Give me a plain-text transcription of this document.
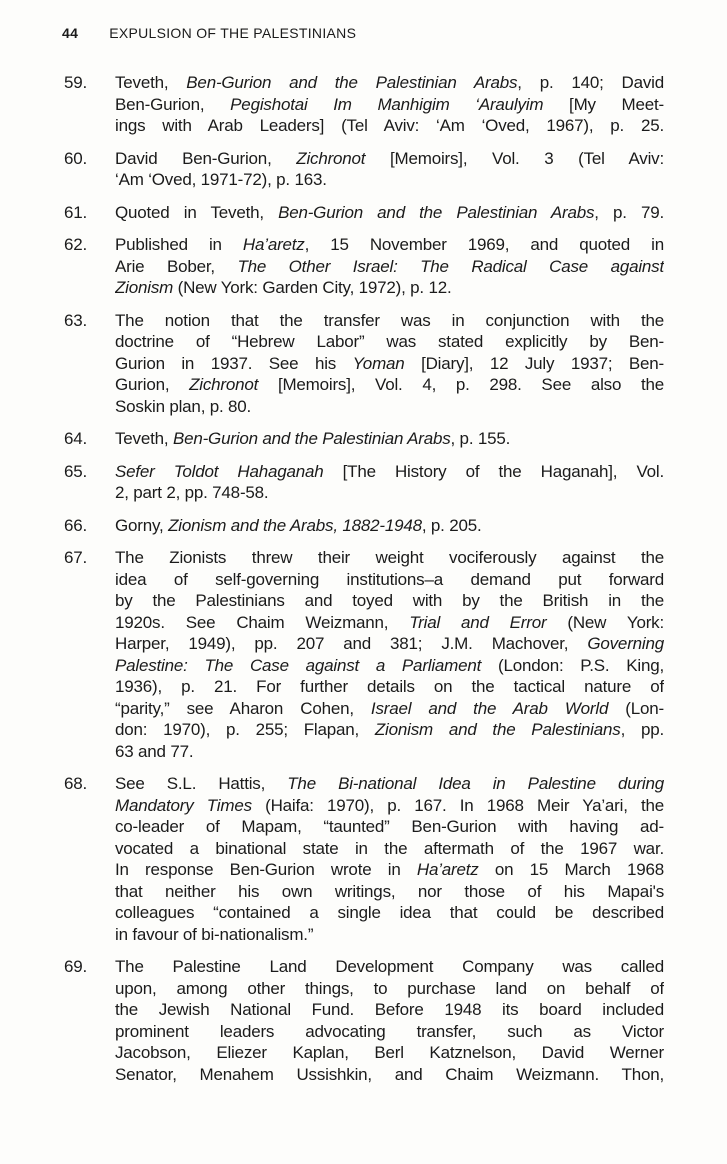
44 EXPULSION OF THE PALESTINIANS
59.	Teveth, Ben-Gurion and the Palestinian Arabs, p. 140; David
Ben-Gurion, Pegishotai Im Manhigim ‘Araulyim [My Meet-
ings with Arab Leaders] (Tel Aviv: ‘Am ‘Oved, 1967), p. 25.
60.	David Ben-Gurion, Zichronot [Memoirs], Vol. 3 (Tel Aviv:
‘Am ‘Oved, 1971-72), p. 163.
61.	Quoted in Teveth, Ben-Gurion and the Palestinian Arabs, p. 79.
62.	Published in Ha’aretz, 15 November 1969, and quoted in
Arie Bober, The Other Israel: The Radical Case against
Zionism (New York: Garden City, 1972), p. 12.
63.	The notion that the transfer was in conjunction with the
doctrine of “Hebrew Labor” was stated explicitly by Ben-
Gurion in 1937. See his Yoman [Diary], 12 July 1937; Ben-
Gurion, Zichronot [Memoirs], Vol. 4, p. 298. See also the
Soskin plan, p. 80.
64.	Teveth, Ben-Gurion and the Palestinian Arabs, p. 155.
65.	Sefer Toldot Hahaganah [The History of the Haganah], Vol.
2, part 2, pp. 748-58.
66.	Gorny, Zionism and the Arabs, 1882-1948, p. 205.
67.	The Zionists threw their weight vociferously against the
idea of self-governing institutions–a demand put forward
by the Palestinians and toyed with by the British in the
1920s. See Chaim Weizmann, Trial and Error (New York:
Harper, 1949), pp. 207 and 381; J.M. Machover, Governing
Palestine: The Case against a Parliament (London: P.S. King,
1936), p. 21. For further details on the tactical nature of
“parity,” see Aharon Cohen, Israel and the Arab World (Lon-
don: 1970), p. 255; Flapan, Zionism and the Palestinians, pp.
63 and 77.
68.	See S.L. Hattis, The Bi-national Idea in Palestine during
Mandatory Times (Haifa: 1970), p. 167. In 1968 Meir Ya’ari, the
co-leader of Mapam, “taunted” Ben-Gurion with having ad-
vocated a binational state in the aftermath of the 1967 war.
In response Ben-Gurion wrote in Ha’aretz on 15 March 1968
that neither his own writings, nor those of his Mapai's
colleagues “contained a single idea that could be described
in favour of bi-nationalism.”
69.	The Palestine Land Development Company was called
upon, among other things, to purchase land on behalf of
the Jewish National Fund. Before 1948 its board included
prominent leaders advocating transfer, such as Victor
Jacobson, Eliezer Kaplan, Berl Katznelson, David Werner
Senator, Menahem Ussishkin, and Chaim Weizmann. Thon,
